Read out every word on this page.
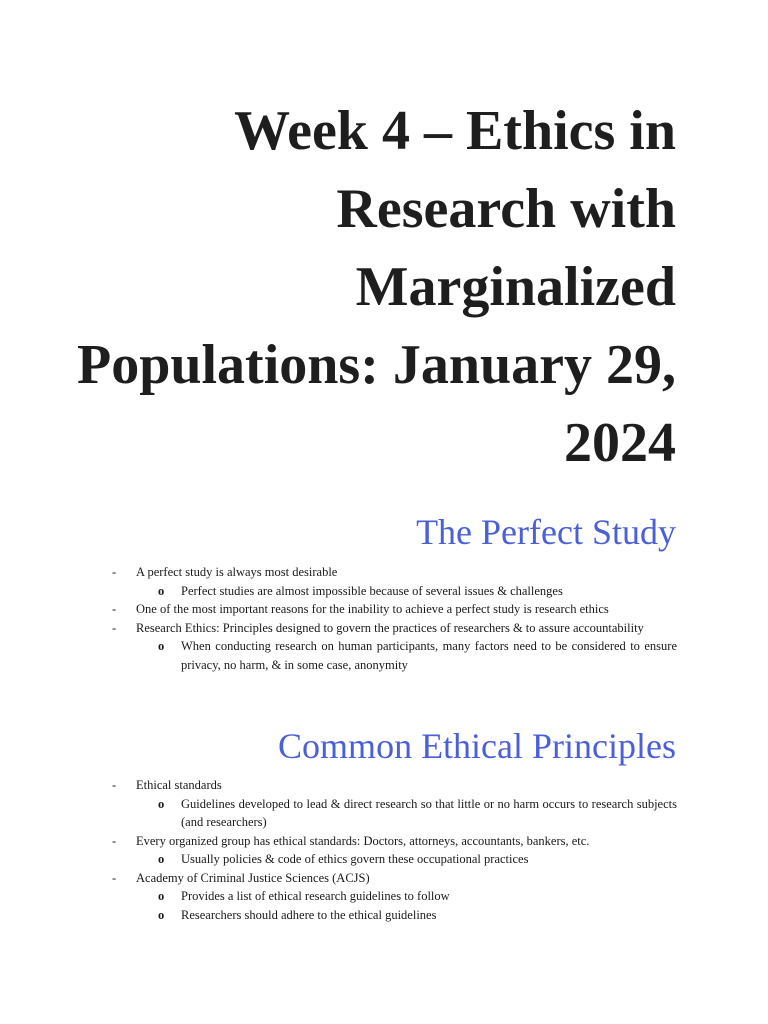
Week 4 – Ethics in Research with Marginalized Populations: January 29, 2024
The Perfect Study
- A perfect study is always most desirable
o Perfect studies are almost impossible because of several issues & challenges
- One of the most important reasons for the inability to achieve a perfect study is research ethics
- Research Ethics: Principles designed to govern the practices of researchers & to assure accountability
o When conducting research on human participants, many factors need to be considered to ensure privacy, no harm, & in some case, anonymity
Common Ethical Principles
- Ethical standards
o Guidelines developed to lead & direct research so that little or no harm occurs to research subjects (and researchers)
- Every organized group has ethical standards: Doctors, attorneys, accountants, bankers, etc.
o Usually policies & code of ethics govern these occupational practices
- Academy of Criminal Justice Sciences (ACJS)
o Provides a list of ethical research guidelines to follow
o Researchers should adhere to the ethical guidelines
